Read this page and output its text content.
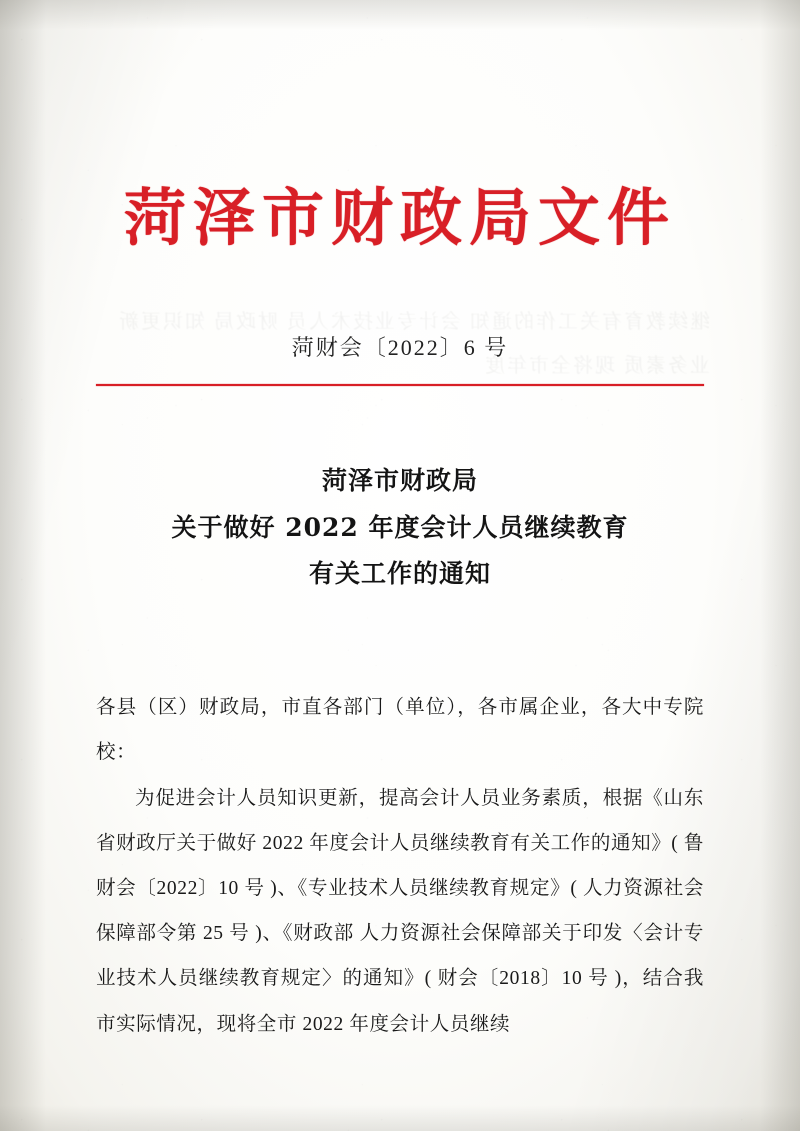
继续教育有关工作的通知 会计专业技术人员 财政局 知识更新 业务素质 现将全市年度
菏泽市财政局文件
菏财会〔2022〕6 号
菏泽市财政局
关于做好 2022 年度会计人员继续教育
有关工作的通知

各县（区）财政局，市直各部门（单位），各市属企业，各大中专院校：

为促进会计人员知识更新，提高会计人员业务素质，根据《山东省财政厅关于做好 2022 年度会计人员继续教育有关工作的通知》( 鲁财会〔2022〕10 号 )、《专业技术人员继续教育规定》( 人力资源社会保障部令第 25 号 )、《财政部 人力资源社会保障部关于印发〈会计专业技术人员继续教育规定〉的通知》( 财会〔2018〕10 号 )，结合我市实际情况，现将全市 2022 年度会计人员继续
